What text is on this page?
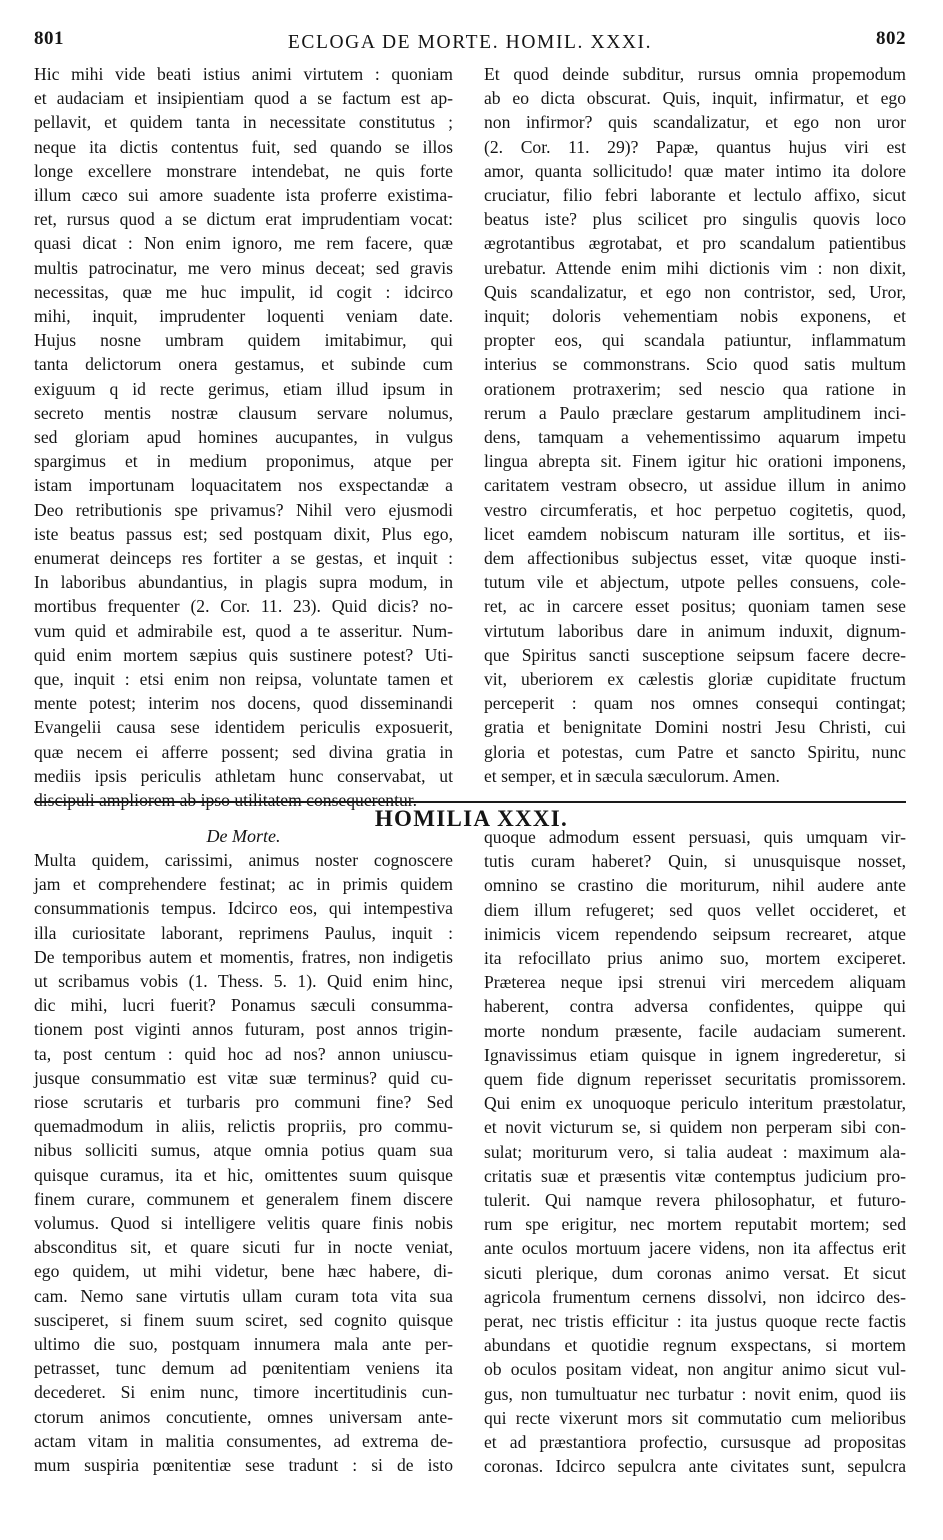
801	ECLOGA DE MORTE. HOMIL. XXXI.	802
Hic mihi vide beati istius animi virtutem : quoniam
et audaciam et insipientiam quod a se factum est ap-
pellavit, et quidem tanta in necessitate constitutus ;
neque ita dictis contentus fuit, sed quando se illos
longe excellere monstrare intendebat, ne quis forte
illum cæco sui amore suadente ista proferre existima-
ret, rursus quod a se dictum erat imprudentiam vocat:
quasi dicat : Non enim ignoro, me rem facere, quæ
multis patrocinatur, me vero minus deceat; sed gravis
necessitas, quæ me huc impulit, id cogit : idcirco
mihi, inquit, imprudenter loquenti veniam date.
Hujus nosne umbram quidem imitabimur, qui
tanta delictorum onera gestamus, et subinde cum
exiguum q id recte gerimus, etiam illud ipsum in
secreto mentis nostræ clausum servare nolumus,
sed gloriam apud homines aucupantes, in vulgus
spargimus et in medium proponimus, atque per
istam importunam loquacitatem nos exspectandæ a
Deo retributionis spe privamus? Nihil vero ejusmodi
iste beatus passus est; sed postquam dixit, Plus ego,
enumerat deinceps res fortiter a se gestas, et inquit :
In laboribus abundantius, in plagis supra modum, in
mortibus frequenter (2. Cor. 11. 23). Quid dicis? no-
vum quid et admirabile est, quod a te asseritur. Num-
quid enim mortem sæpius quis sustinere potest? Uti-
que, inquit : etsi enim non reipsa, voluntate tamen et
mente potest; interim nos docens, quod disseminandi
Evangelii causa sese identidem periculis exposuerit,
quæ necem ei afferre possent; sed divina gratia in
mediis ipsis periculis athletam hunc conservabat, ut
Et quod deinde subditur, rursus omnia propemodum
ab eo dicta obscurat. Quis, inquit, infirmatur, et ego
non infirmor? quis scandalizatur, et ego non uror
(2. Cor. 11. 29)? Papæ, quantus hujus viri est
amor, quanta sollicitudo! quæ mater intimo ita dolore
cruciatur, filio febri laborante et lectulo affixo, sicut
beatus iste? plus scilicet pro singulis quovis loco
ægrotantibus ægrotabat, et pro scandalum patientibus
urebatur. Attende enim mihi dictionis vim : non dixit,
Quis scandalizatur, et ego non contristor, sed, Uror,
inquit; doloris vehementiam nobis exponens, et
propter eos, qui scandala patiuntur, inflammatum
interius se commonstrans. Scio quod satis multum
orationem protraxerim; sed nescio qua ratione in
rerum a Paulo præclare gestarum amplitudinem inci-
dens, tamquam a vehementissimo aquarum impetu
lingua abrepta sit. Finem igitur hic orationi imponens,
caritatem vestram obsecro, ut assidue illum in animo
vestro circumferatis, et hoc perpetuo cogitetis, quod,
licet eamdem nobiscum naturam ille sortitus, et iis-
dem affectionibus subjectus esset, vitæ quoque insti-
tutum vile et abjectum, utpote pelles consuens, cole-
ret, ac in carcere esset positus; quoniam tamen sese
virtutum laboribus dare in animum induxit, dignum-
que Spiritus sancti susceptione seipsum facere decre-
vit, uberiorem ex cælestis gloriæ cupiditate fructum
perceperit : quam nos omnes consequi contingat;
gratia et benignitate Domini nostri Jesu Christi, cui
gloria et potestas, cum Patre et sancto Spiritu, nunc
et semper, et in sæcula sæculorum. Amen.
HOMILIA XXXI.
De Morte.
Multa quidem, carissimi, animus noster cognoscere
jam et comprehendere festinat; ac in primis quidem
consummationis tempus. Idcirco eos, qui intempestiva
illa curiositate laborant, reprimens Paulus, inquit :
De temporibus autem et momentis, fratres, non indigetis
ut scribamus vobis (1. Thess. 5. 1). Quid enim hinc,
dic mihi, lucri fuerit? Ponamus sæculi consumma-
tionem post viginti annos futuram, post annos trigin-
ta, post centum : quid hoc ad nos? annon uniuscu-
jusque consummatio est vitæ suæ terminus? quid cu-
riose scrutaris et turbaris pro communi fine? Sed
quemadmodum in aliis, relictis propriis, pro commu-
nibus solliciti sumus, atque omnia potius quam sua
quisque curamus, ita et hic, omittentes suum quisque
finem curare, communem et generalem finem discere
volumus. Quod si intelligere velitis quare finis nobis
absconditus sit, et quare sicuti fur in nocte veniat,
ego quidem, ut mihi videtur, bene hæc habere, di-
cam. Nemo sane virtutis ullam curam tota vita sua
susciperet, si finem suum sciret, sed cognito quisque
ultimo die suo, postquam innumera mala ante per-
petrasset, tunc demum ad pœnitentiam veniens ita
decederet. Si enim nunc, timore incertitudinis cun-
ctorum animos concutiente, omnes universam ante-
actam vitam in malitia consumentes, ad extrema de-
mum suspiria pœnitentiæ sese tradunt : si de isto
quoque admodum essent persuasi, quis umquam vir-
tutis curam haberet? Quin, si unusquisque nosset,
omnino se crastino die moriturum, nihil audere ante
diem illum refugeret; sed quos vellet occideret, et
inimicis vicem rependendo seipsum recrearet, atque
ita refocillato prius animo suo, mortem exciperet.
Præterea neque ipsi strenui viri mercedem aliquam
haberent, contra adversa confidentes, quippe qui
morte nondum præsente, facile audaciam sumerent.
Ignavissimus etiam quisque in ignem ingrederetur, si
quem fide dignum reperisset securitatis promissorem.
Qui enim ex unoquoque periculo interitum præstolatur,
et novit victurum se, si quidem non perperam sibi con-
sulat; moriturum vero, si talia audeat : maximum ala-
critatis suæ et præsentis vitæ contemptus judicium pro-
tulerit. Qui namque revera philosophatur, et futuro-
rum spe erigitur, nec mortem reputabit mortem; sed
ante oculos mortuum jacere videns, non ita affectus erit
sicuti plerique, dum coronas animo versat. Et sicut
agricola frumentum cernens dissolvi, non idcirco des-
perat, nec tristis efficitur : ita justus quoque recte factis
abundans et quotidie regnum exspectans, si mortem
ob oculos positam videat, non angitur animo sicut vul-
gus, non tumultuatur nec turbatur : novit enim, quod iis
qui recte vixerunt mors sit commutatio cum melioribus
et ad præstantiora profectio, cursusque ad propositas
coronas. Idcirco sepulcra ante civitates sunt, sepulcra
